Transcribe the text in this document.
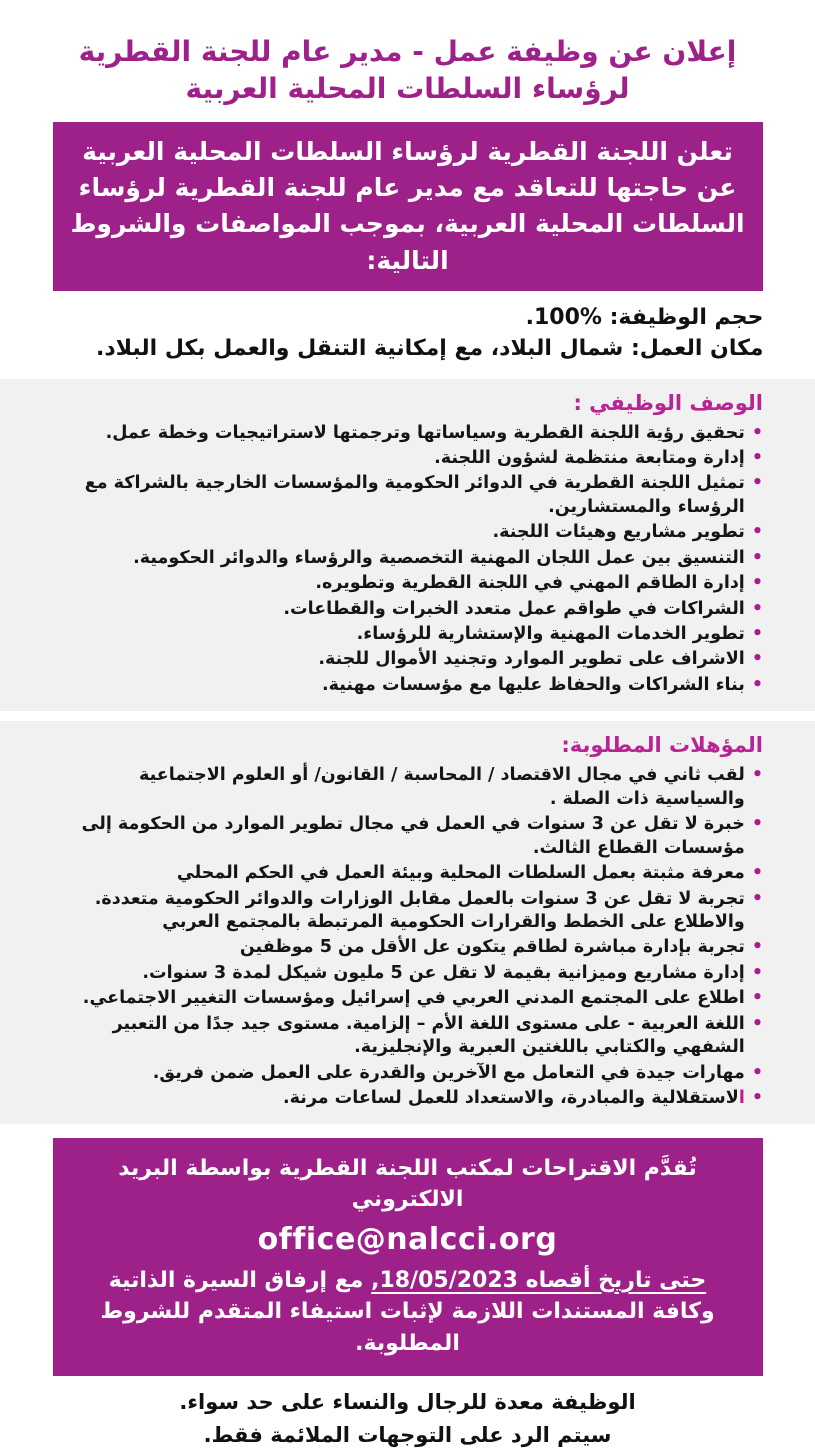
إعلان عن وظيفة عمل - مدير عام للجنة القطرية
لرؤساء السلطات المحلية العربية
تعلن اللجنة القطرية لرؤساء السلطات المحلية العربية عن حاجتها للتعاقد مع مدير عام للجنة القطرية لرؤساء السلطات المحلية العربية، بموجب المواصفات والشروط التالية:
حجم الوظيفة: %100.
مكان العمل: شمال البلاد، مع إمكانية التنقل والعمل بكل البلاد.
الوصف الوظيفي :
•
تحقيق رؤية اللجنة القطرية وسياساتها وترجمتها لاستراتيجيات وخطة عمل.
•
إدارة ومتابعة منتظمة لشؤون اللجنة.
•
تمثيل اللجنة القطرية في الدوائر الحكومية والمؤسسات الخارجية بالشراكة مع الرؤساء والمستشارين.
•
تطوير مشاريع وهيئات اللجنة.
•
التنسيق بين عمل اللجان المهنية التخصصية والرؤساء والدوائر الحكومية.
•
إدارة الطاقم المهني في اللجنة القطرية وتطويره.
•
الشراكات في طواقم عمل متعدد الخبرات والقطاعات.
•
تطوير الخدمات المهنية والإستشارية للرؤساء.
•
الاشراف على تطوير الموارد وتجنيد الأموال للجنة.
•
بناء الشراكات والحفاظ عليها مع مؤسسات مهنية.
المؤهلات المطلوبة:
•
لقب ثاني في مجال الاقتصاد / المحاسبة / القانون/ أو العلوم الاجتماعية والسياسية ذات الصلة .
•
خبرة لا تقل عن 3 سنوات في العمل في مجال تطوير الموارد من الحكومة إلى مؤسسات القطاع الثالث.
•
معرفة مثبتة بعمل السلطات المحلية وبيئة العمل في الحكم المحلي
•
تجربة لا تقل عن 3 سنوات بالعمل مقابل الوزارات والدوائر الحكومية متعددة. والاطلاع على الخطط والقرارات الحكومية المرتبطة بالمجتمع العربي
•
تجربة بإدارة مباشرة لطاقم يتكون عل الأقل من 5 موظفين
•
إدارة مشاريع وميزانية بقيمة لا تقل عن 5 مليون شيكل لمدة 3 سنوات.
•
اطلاع على المجتمع المدني العربي في إسرائيل ومؤسسات التغيير الاجتماعي.
•
اللغة العربية - على مستوى اللغة الأم – إلزامية. مستوى جيد جدًا من التعبير الشفهي والكتابي باللغتين العبرية والإنجليزية.
•
مهارات جيدة في التعامل مع الآخرين والقدرة على العمل ضمن فريق.
•
الاستقلالية والمبادرة، والاستعداد للعمل لساعات مرنة.
تُقدَّم الاقتراحات لمكتب اللجنة القطرية بواسطة البريد الالكتروني
office@nalcci.org
حتى تاريخ أقصاه 18/05/2023, مع إرفاق السيرة الذاتية وكافة المستندات اللازمة لإثبات استيفاء المتقدم للشروط المطلوبة.
الوظيفة معدة للرجال والنساء على حد سواء.
سيتم الرد على التوجهات الملائمة فقط.
